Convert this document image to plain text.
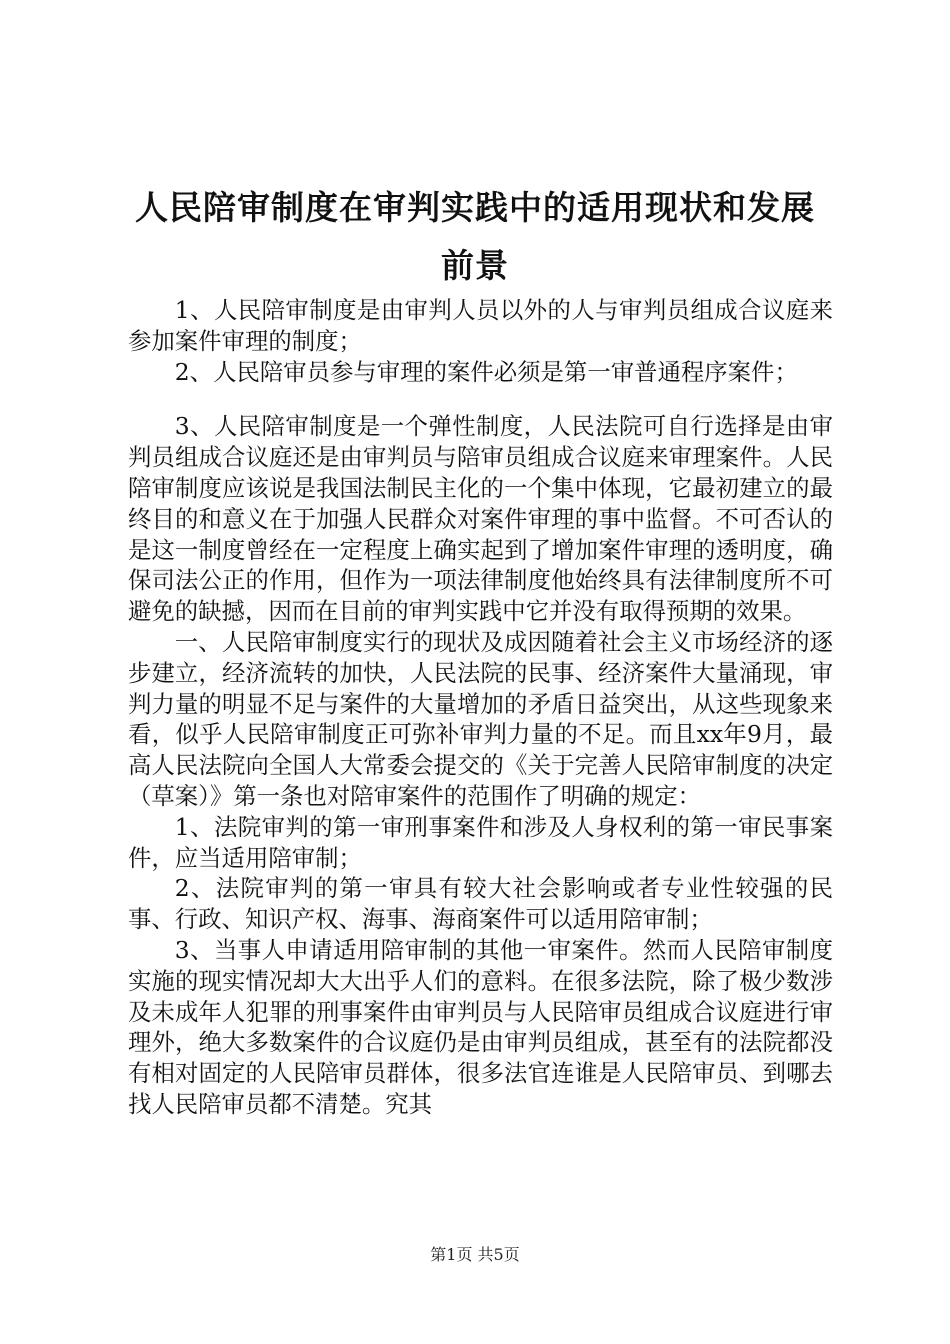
人民陪审制度在审判实践中的适用现状和发展
前景

1、人民陪审制度是由审判人员以外的人与审判员组成合议庭来参加案件审理的制度；

2、人民陪审员参与审理的案件必须是第一审普通程序案件；

3、人民陪审制度是一个弹性制度，人民法院可自行选择是由审判员组成合议庭还是由审判员与陪审员组成合议庭来审理案件。人民陪审制度应该说是我国法制民主化的一个集中体现，它最初建立的最终目的和意义在于加强人民群众对案件审理的事中监督。不可否认的是这一制度曾经在一定程度上确实起到了增加案件审理的透明度，确保司法公正的作用，但作为一项法律制度他始终具有法律制度所不可避免的缺撼，因而在目前的审判实践中它并没有取得预期的效果。

一、人民陪审制度实行的现状及成因随着社会主义市场经济的逐步建立，经济流转的加快，人民法院的民事、经济案件大量涌现，审判力量的明显不足与案件的大量增加的矛盾日益突出，从这些现象来看，似乎人民陪审制度正可弥补审判力量的不足。而且xx年9月，最高人民法院向全国人大常委会提交的《关于完善人民陪审制度的决定（草案）》第一条也对陪审案件的范围作了明确的规定：

1、法院审判的第一审刑事案件和涉及人身权利的第一审民事案件，应当适用陪审制；

2、法院审判的第一审具有较大社会影响或者专业性较强的民事、行政、知识产权、海事、海商案件可以适用陪审制；

3、当事人申请适用陪审制的其他一审案件。然而人民陪审制度实施的现实情况却大大出乎人们的意料。在很多法院，除了极少数涉及未成年人犯罪的刑事案件由审判员与人民陪审员组成合议庭进行审理外，绝大多数案件的合议庭仍是由审判员组成，甚至有的法院都没有相对固定的人民陪审员群体，很多法官连谁是人民陪审员、到哪去找人民陪审员都不清楚。究其

第1页 共5页
